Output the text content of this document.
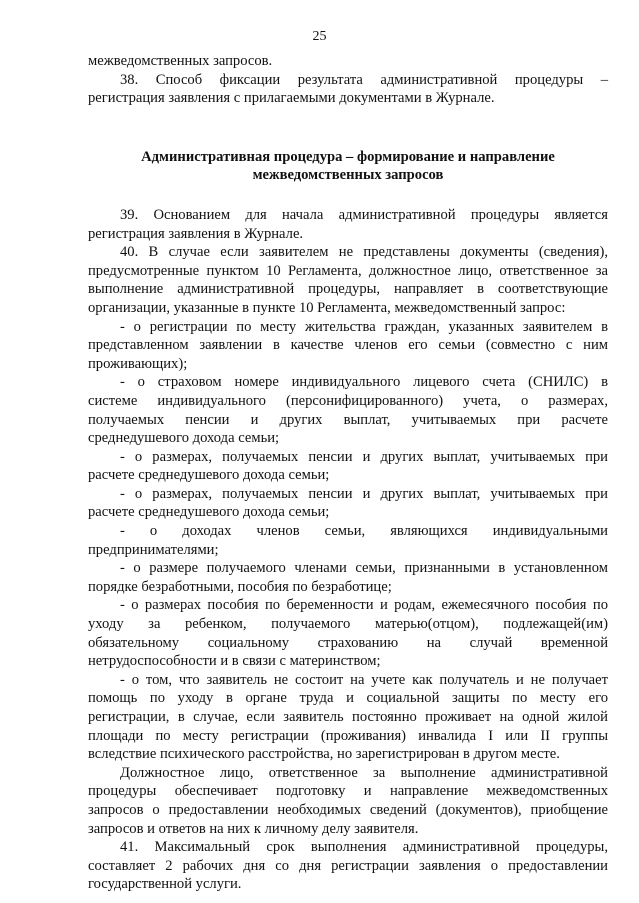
25
межведомственных запросов.
38. Способ фиксации результата административной процедуры –
регистрация заявления с прилагаемыми документами в Журнале.
Административная процедура – формирование и направление
межведомственных запросов
39. Основанием для начала административной процедуры является
регистрация заявления в Журнале.
40. В случае если заявителем не представлены документы (сведения),
предусмотренные пунктом 10 Регламента, должностное лицо, ответственное за
выполнение административной процедуры, направляет в соответствующие
организации, указанные в пункте 10 Регламента, межведомственный запрос:
- о регистрации по месту жительства граждан, указанных заявителем в
представленном заявлении в качестве членов его семьи (совместно с ним
проживающих);
- о страховом номере индивидуального лицевого счета (СНИЛС) в
системе индивидуального (персонифицированного) учета, о размерах,
получаемых пенсии и других выплат, учитываемых при расчете
среднедушевого дохода семьи;
- о размерах, получаемых пенсии и других выплат, учитываемых при
расчете среднедушевого дохода семьи;
- о размерах, получаемых пенсии и других выплат, учитываемых при
расчете среднедушевого дохода семьи;
- о доходах членов семьи, являющихся индивидуальными
предпринимателями;
- о размере получаемого членами семьи, признанными в установленном
порядке безработными, пособия по безработице;
- о размерах пособия по беременности и родам, ежемесячного пособия по
уходу за ребенком, получаемого матерью(отцом), подлежащей(им)
обязательному социальному страхованию на случай временной
нетрудоспособности и в связи с материнством;
- о том, что заявитель не состоит на учете как получатель и не получает
помощь по уходу в органе труда и социальной защиты по месту его
регистрации, в случае, если заявитель постоянно проживает на одной жилой
площади по месту регистрации (проживания) инвалида I или II группы
вследствие психического расстройства, но зарегистрирован в другом месте.
Должностное лицо, ответственное за выполнение административной
процедуры обеспечивает подготовку и направление межведомственных
запросов о предоставлении необходимых сведений (документов), приобщение
запросов и ответов на них к личному делу заявителя.
41. Максимальный срок выполнения административной процедуры,
составляет 2 рабочих дня со дня регистрации заявления о предоставлении
государственной услуги.
